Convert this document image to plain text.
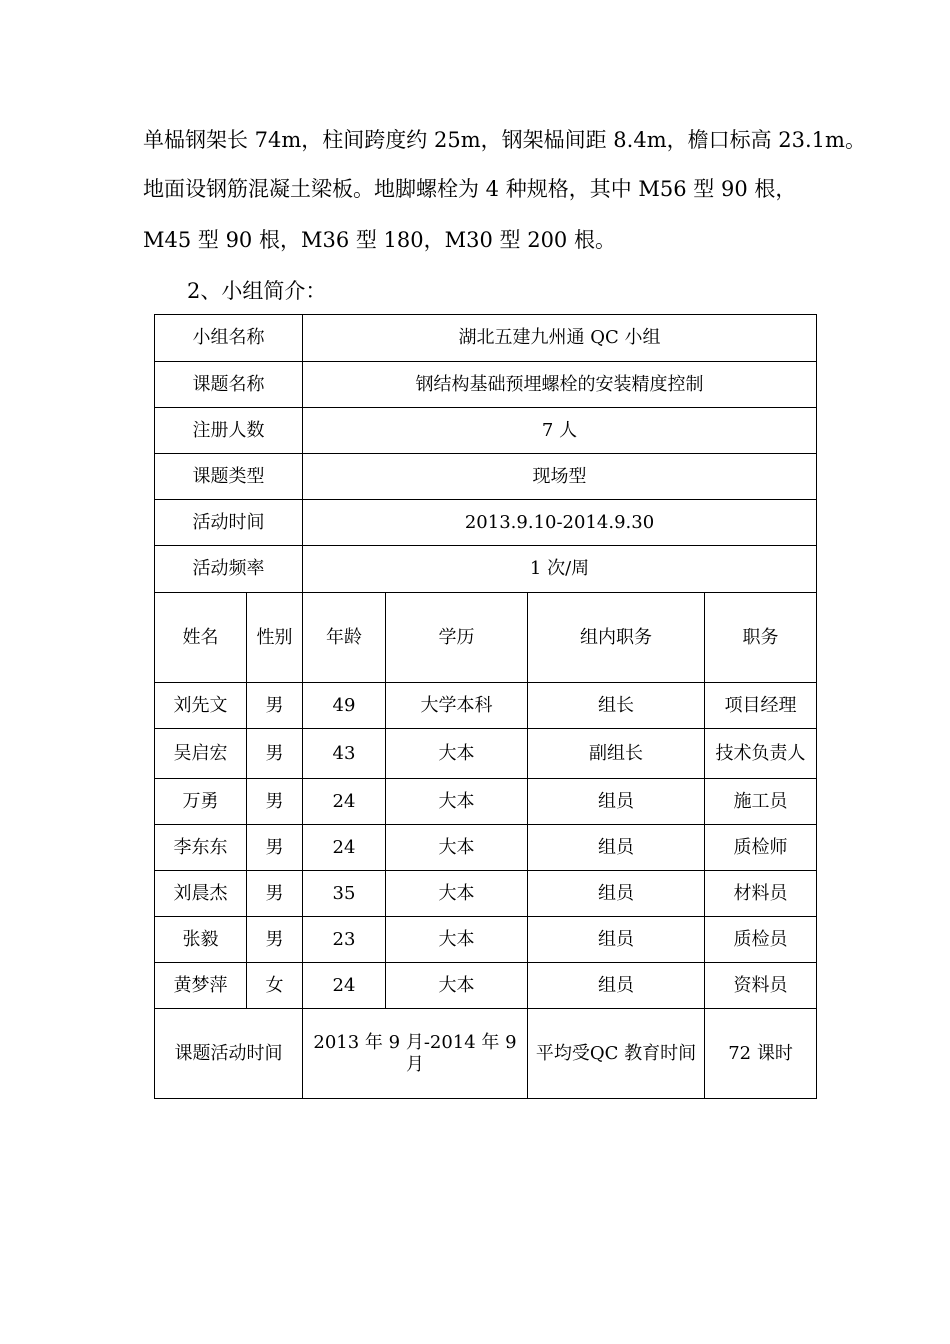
单榀钢架长 74m，柱间跨度约 25m，钢架榀间距 8.4m，檐口标高 23.1m。
地面设钢筋混凝土梁板。地脚螺栓为 4 种规格，其中 M56 型 90 根，
M45 型 90 根，M36 型 180，M30 型 200 根。
2、小组简介：
小组名称		湖北五建九州通 QC 小组			
课题名称		钢结构基础预埋螺栓的安装精度控制			
注册人数		7 人			
课题类型		现场型			
活动时间		2013.9.10-2014.9.30			
活动频率		1 次/周			
姓名	性别	年龄	学历	组内职务	职务
刘先文	男	49	大学本科	组长	项目经理
吴启宏	男	43	大本	副组长	技术负责人
万勇	男	24	大本	组员	施工员
李东东	男	24	大本	组员	质检师
刘晨杰	男	35	大本	组员	材料员
张毅	男	23	大本	组员	质检员
黄梦萍	女	24	大本	组员	资料员
课题活动时间		2013 年 9 月-2014 年 9 月		平均受QC 教育时间	72 课时
